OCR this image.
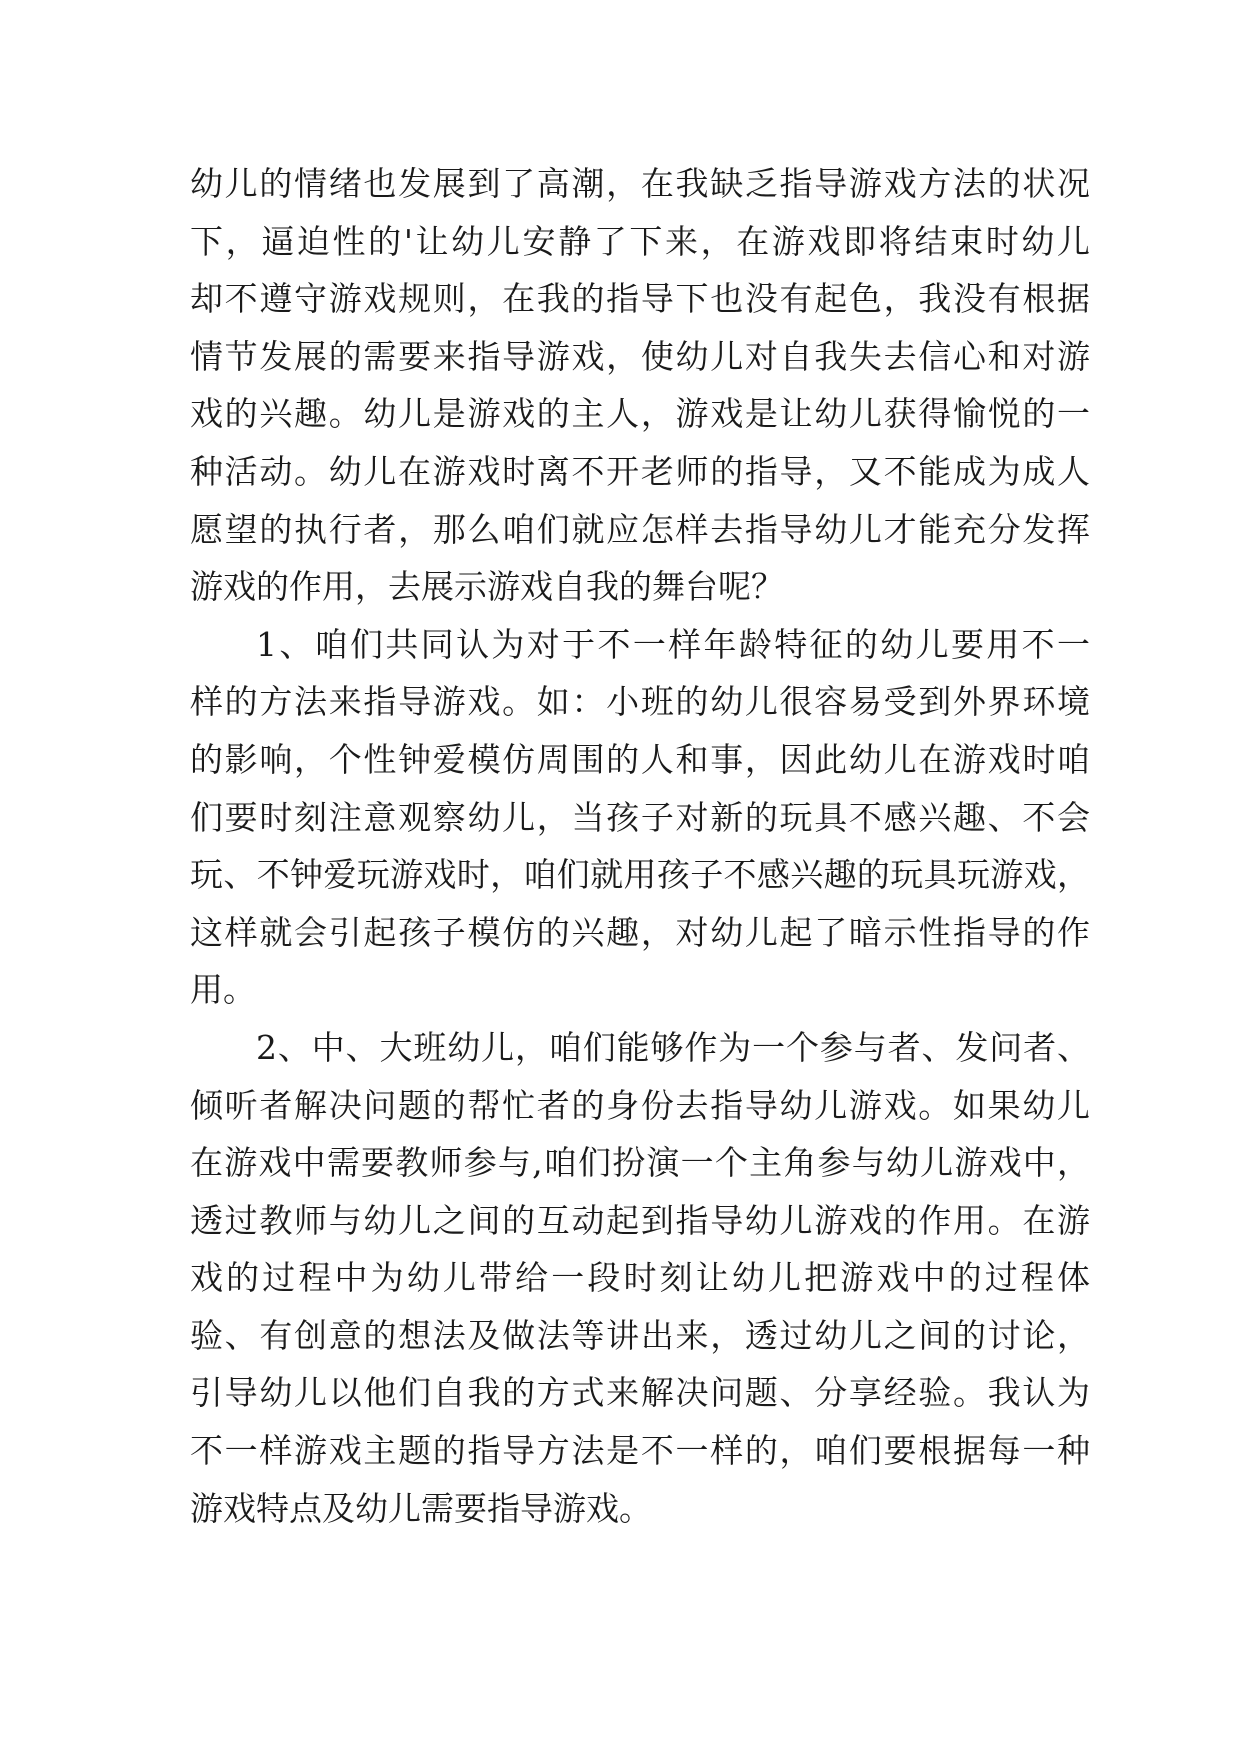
幼儿的情绪也发展到了高潮，在我缺乏指导游戏方法的状况
下，逼迫性的'让幼儿安静了下来，在游戏即将结束时幼儿
却不遵守游戏规则，在我的指导下也没有起色，我没有根据
情节发展的需要来指导游戏，使幼儿对自我失去信心和对游
戏的兴趣。幼儿是游戏的主人，游戏是让幼儿获得愉悦的一
种活动。幼儿在游戏时离不开老师的指导，又不能成为成人
愿望的执行者，那么咱们就应怎样去指导幼儿才能充分发挥
游戏的作用，去展示游戏自我的舞台呢？
1、咱们共同认为对于不一样年龄特征的幼儿要用不一
样的方法来指导游戏。如：小班的幼儿很容易受到外界环境
的影响，个性钟爱模仿周围的人和事，因此幼儿在游戏时咱
们要时刻注意观察幼儿，当孩子对新的玩具不感兴趣、不会
玩、不钟爱玩游戏时，咱们就用孩子不感兴趣的玩具玩游戏，
这样就会引起孩子模仿的兴趣，对幼儿起了暗示性指导的作
用。
2、中、大班幼儿，咱们能够作为一个参与者、发问者、
倾听者解决问题的帮忙者的身份去指导幼儿游戏。如果幼儿
在游戏中需要教师参与,咱们扮演一个主角参与幼儿游戏中，
透过教师与幼儿之间的互动起到指导幼儿游戏的作用。在游
戏的过程中为幼儿带给一段时刻让幼儿把游戏中的过程体
验、有创意的想法及做法等讲出来，透过幼儿之间的讨论，
引导幼儿以他们自我的方式来解决问题、分享经验。我认为
不一样游戏主题的指导方法是不一样的，咱们要根据每一种
游戏特点及幼儿需要指导游戏。
